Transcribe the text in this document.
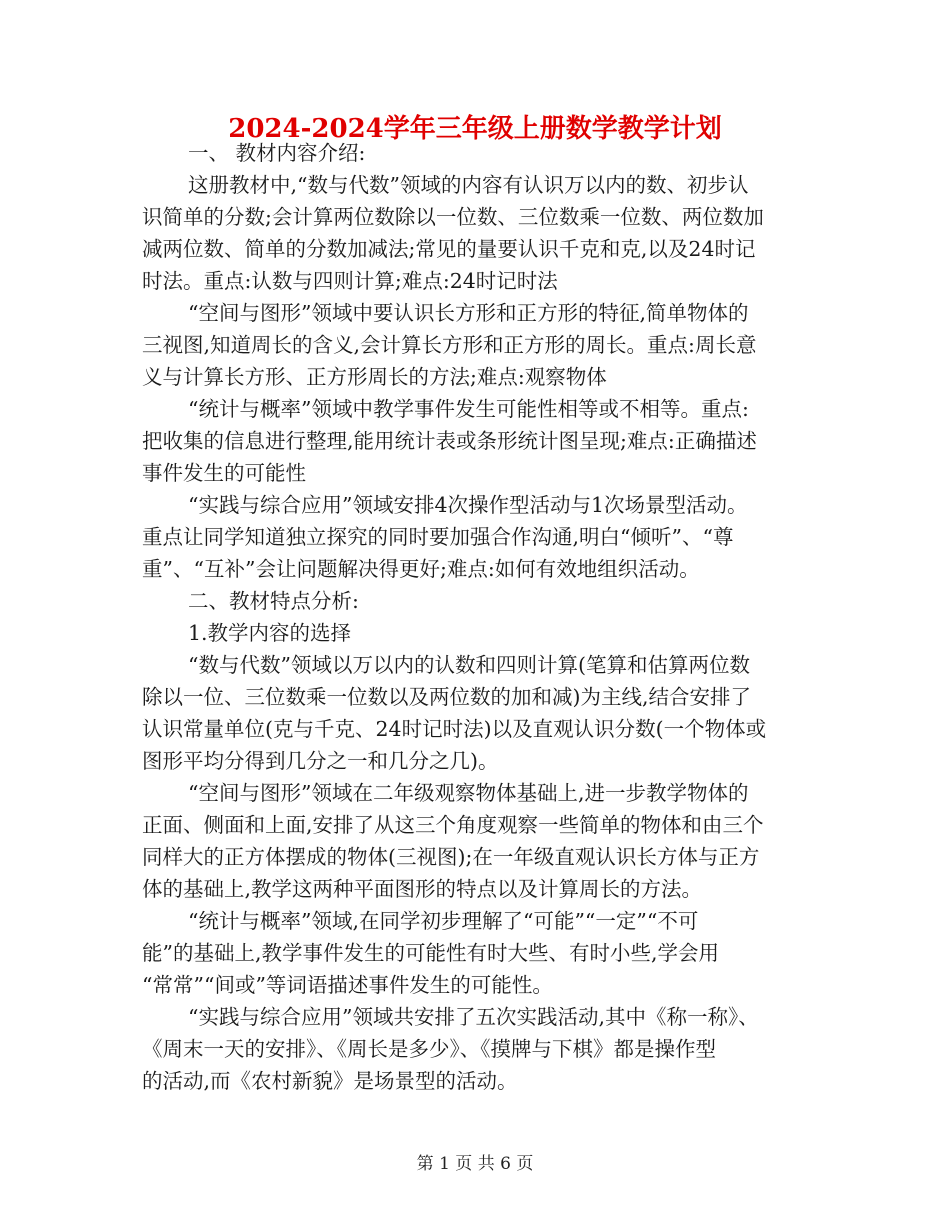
2024-2024学年三年级上册数学教学计划
一、 教材内容介绍:
这册教材中,“数与代数”领域的内容有认识万以内的数、初步认
识简单的分数;会计算两位数除以一位数、三位数乘一位数、两位数加
减两位数、简单的分数加减法;常见的量要认识千克和克,以及24时记
时法。重点:认数与四则计算;难点:24时记时法
“空间与图形”领域中要认识长方形和正方形的特征,简单物体的
三视图,知道周长的含义,会计算长方形和正方形的周长。重点:周长意
义与计算长方形、正方形周长的方法;难点:观察物体
“统计与概率”领域中教学事件发生可能性相等或不相等。重点:
把收集的信息进行整理,能用统计表或条形统计图呈现;难点:正确描述
事件发生的可能性
“实践与综合应用”领域安排4次操作型活动与1次场景型活动。
重点让同学知道独立探究的同时要加强合作沟通,明白“倾听”、“尊
重”、“互补”会让问题解决得更好;难点:如何有效地组织活动。
二、教材特点分析:
1.教学内容的选择
“数与代数”领域以万以内的认数和四则计算(笔算和估算两位数
除以一位、三位数乘一位数以及两位数的加和减)为主线,结合安排了
认识常量单位(克与千克、24时记时法)以及直观认识分数(一个物体或
图形平均分得到几分之一和几分之几)。
“空间与图形”领域在二年级观察物体基础上,进一步教学物体的
正面、侧面和上面,安排了从这三个角度观察一些简单的物体和由三个
同样大的正方体摆成的物体(三视图);在一年级直观认识长方体与正方
体的基础上,教学这两种平面图形的特点以及计算周长的方法。
“统计与概率”领域,在同学初步理解了“可能”“一定”“不可
能”的基础上,教学事件发生的可能性有时大些、有时小些,学会用
“常常”“间或”等词语描述事件发生的可能性。
“实践与综合应用”领域共安排了五次实践活动,其中《称一称》、
《周末一天的安排》、《周长是多少》、《摸牌与下棋》都是操作型
的活动,而《农村新貌》是场景型的活动。
第 1 页 共 6 页
